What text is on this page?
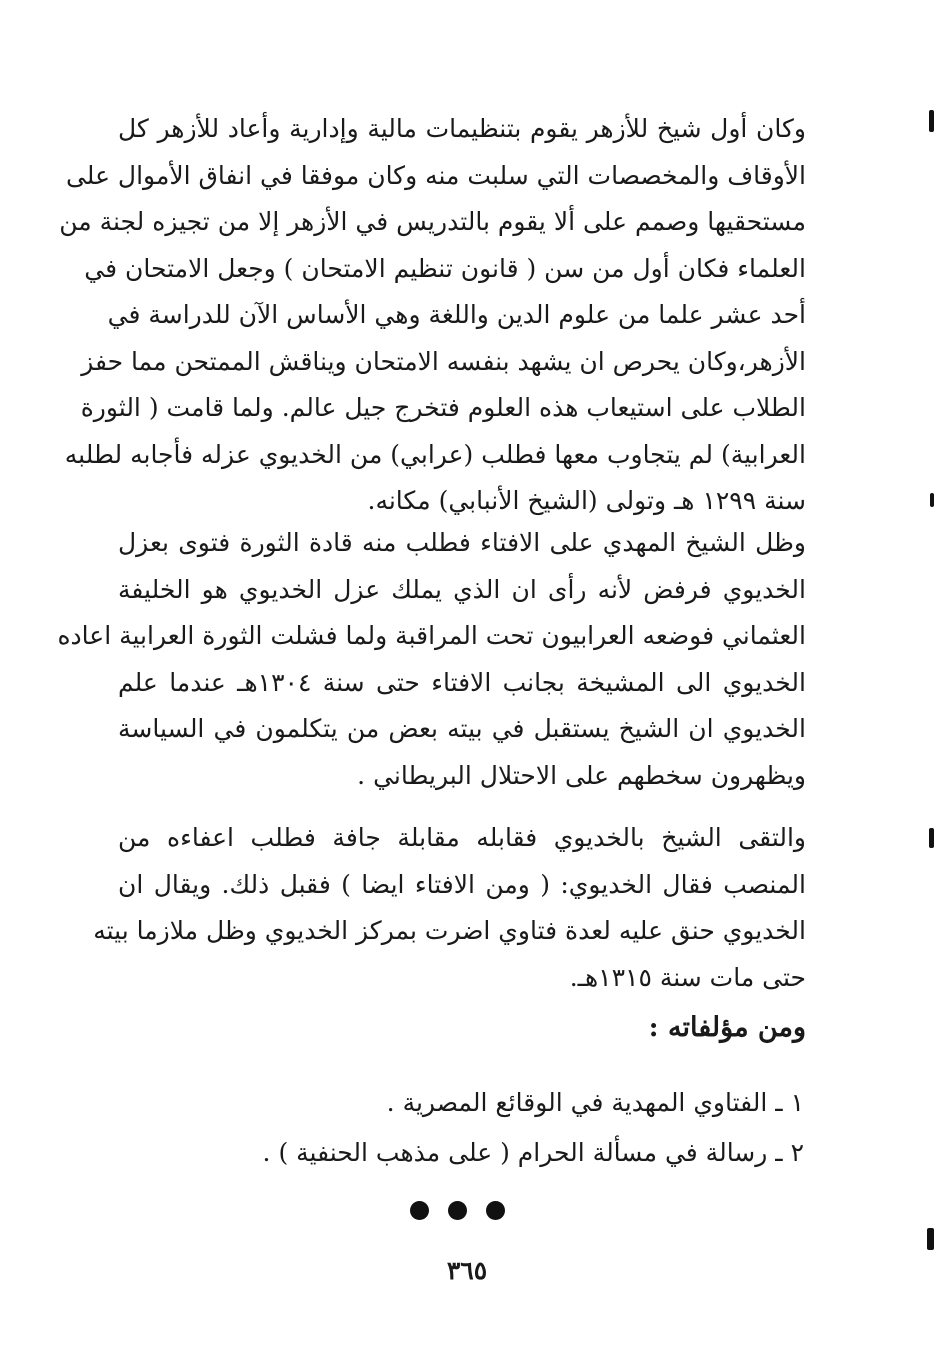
وكان أول شيخ للأزهر يقوم بتنظيمات مالية وإدارية وأعاد للأزهر كل
الأوقاف والمخصصات التي سلبت منه وكان موفقا في انفاق الأموال على
مستحقيها وصمم على ألا يقوم بالتدريس في الأزهر إلا من تجيزه لجنة من
العلماء فكان أول من سن ( قانون تنظيم الامتحان ) وجعل الامتحان في
أحد عشر علما من علوم الدين واللغة وهي الأساس الآن للدراسة في
الأزهر،وكان يحرص ان يشهد بنفسه الامتحان ويناقش الممتحن مما حفز
الطلاب على استيعاب هذه العلوم فتخرج جيل عالم. ولما قامت ( الثورة
العرابية) لم يتجاوب معها فطلب (عرابي) من الخديوي عزله فأجابه لطلبه
سنة ١٢٩٩ هـ وتولى (الشيخ الأنبابي) مكانه.
وظل الشيخ المهدي على الافتاء فطلب منه قادة الثورة فتوى بعزل
الخديوي فرفض لأنه رأى ان الذي يملك عزل الخديوي هو الخليفة
العثماني فوضعه العرابيون تحت المراقبة ولما فشلت الثورة العرابية اعاده
الخديوي الى المشيخة بجانب الافتاء حتى سنة ١٣٠٤هـ عندما علم
الخديوي ان الشيخ يستقبل في بيته بعض من يتكلمون في السياسة
ويظهرون سخطهم على الاحتلال البريطاني .
والتقى الشيخ بالخديوي فقابله مقابلة جافة فطلب اعفاءه من
المنصب فقال الخديوي: ( ومن الافتاء ايضا ) فقبل ذلك. ويقال ان
الخديوي حنق عليه لعدة فتاوي اضرت بمركز الخديوي وظل ملازما بيته
حتى مات سنة ١٣١٥هـ.
ومن مؤلفاته :
١ ـ الفتاوي المهدية في الوقائع المصرية .
٢ ـ رسالة في مسألة الحرام ( على مذهب الحنفية ) .
٣٦٥
